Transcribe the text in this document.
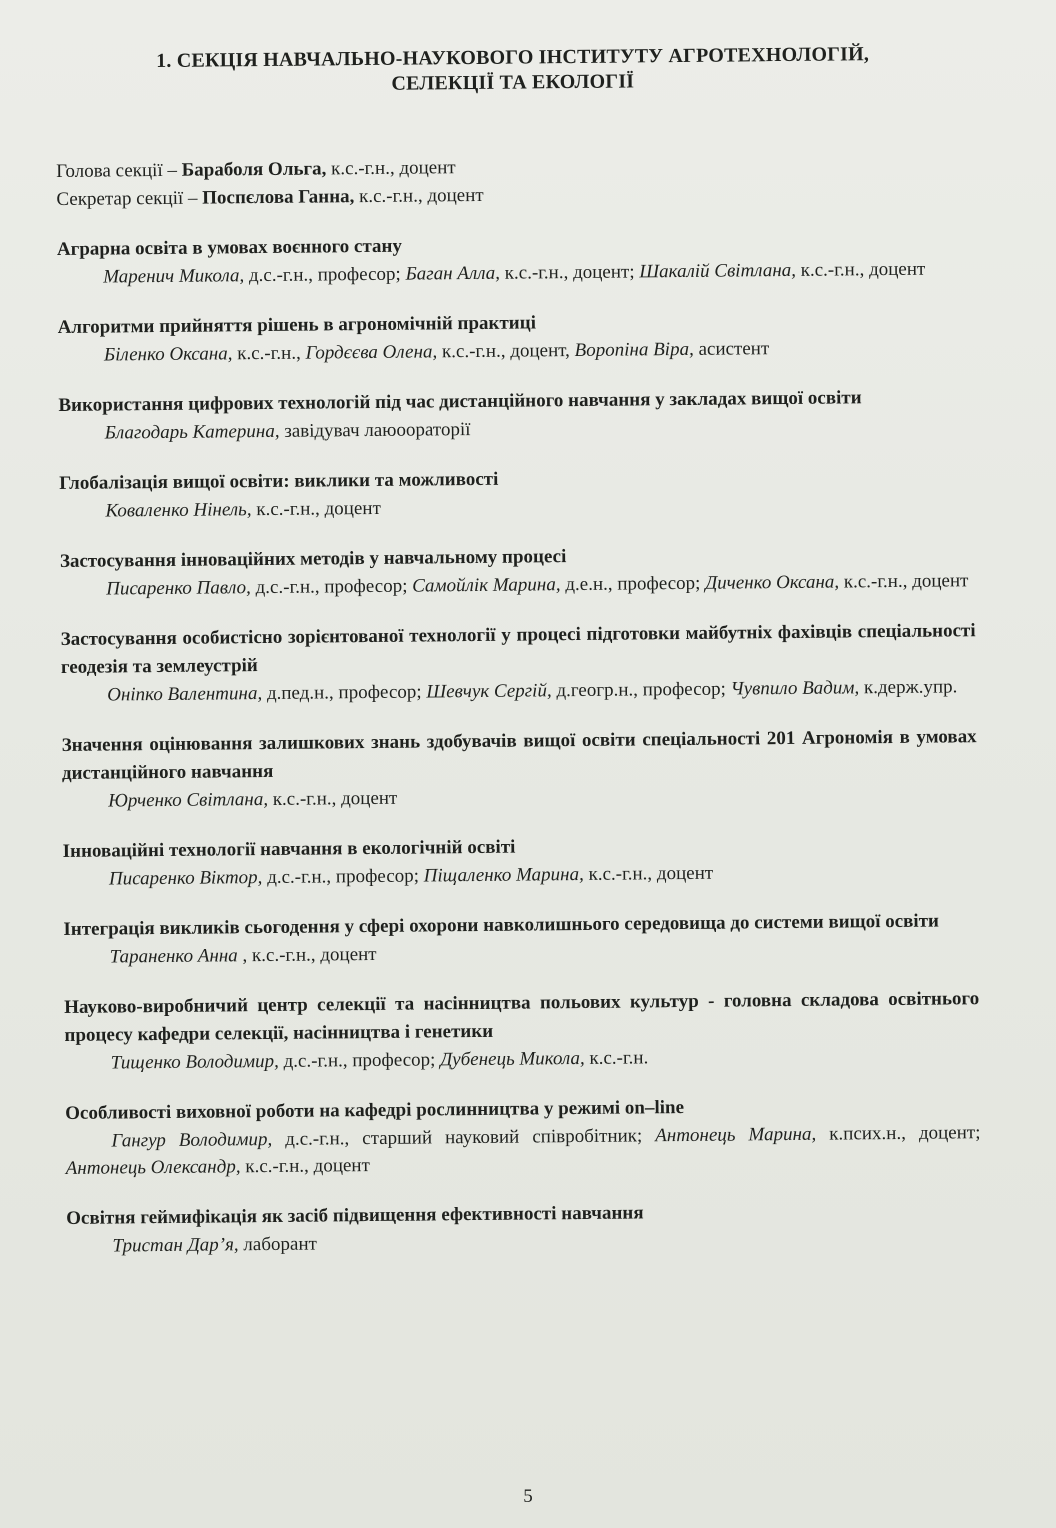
1. СЕКЦІЯ НАВЧАЛЬНО-НАУКОВОГО ІНСТИТУТУ АГРОТЕХНОЛОГІЙ,
СЕЛЕКЦІЇ ТА ЕКОЛОГІЇ
Голова секції – Бараболя Ольга, к.с.-г.н., доцент
Секретар секції – Поспєлова Ганна, к.с.-г.н., доцент
Аграрна освіта в умовах воєнного стану
Маренич Микола, д.с.-г.н., професор; Баган Алла, к.с.-г.н., доцент; Шакалій Світлана, к.с.-г.н., доцент
Алгоритми прийняття рішень в агрономічній практиці
Біленко Оксана, к.с.-г.н., Гордєєва Олена, к.с.-г.н., доцент, Воропіна Віра, асистент
Використання цифрових технологій під час дистанційного навчання у закладах вищої освіти
Благодарь Катерина, завідувач лаюоораторії
Глобалізація вищої освіти: виклики та можливості
Коваленко Нінель, к.с.-г.н., доцент
Застосування інноваційних методів у навчальному процесі
Писаренко Павло, д.с.-г.н., професор; Самойлік Марина, д.е.н., професор; Диченко Оксана, к.с.-г.н., доцент
Застосування особистісно зорієнтованої технології у процесі підготовки майбутніх фахівців спеціальності геодезія та землеустрій
Оніпко Валентина, д.пед.н., професор; Шевчук Сергій, д.геогр.н., професор; Чувпило Вадим, к.держ.упр.
Значення оцінювання залишкових знань здобувачів вищої освіти спеціальності 201 Агрономія в умовах дистанційного навчання
Юрченко Світлана, к.с.-г.н., доцент
Інноваційні технології навчання в екологічній освіті
Писаренко Віктор, д.с.-г.н., професор; Піщаленко Марина, к.с.-г.н., доцент
Інтеграція викликів сьогодення у сфері охорони навколишнього середовища до системи вищої освіти
Тараненко Анна , к.с.-г.н., доцент
Науково-виробничий центр селекції та насінництва польових культур - головна складова освітнього процесу кафедри селекції, насінництва і генетики
Тищенко Володимир, д.с.-г.н., професор; Дубенець Микола, к.с.-г.н.
Особливості виховної роботи на кафедрі рослинництва у режимі on–line
Гангур Володимир, д.с.-г.н., старший науковий співробітник; Антонець Марина, к.псих.н., доцент; Антонець Олександр, к.с.-г.н., доцент
Освітня геймифікація як засіб підвищення ефективності навчання
Тристан Дар’я, лаборант
5
